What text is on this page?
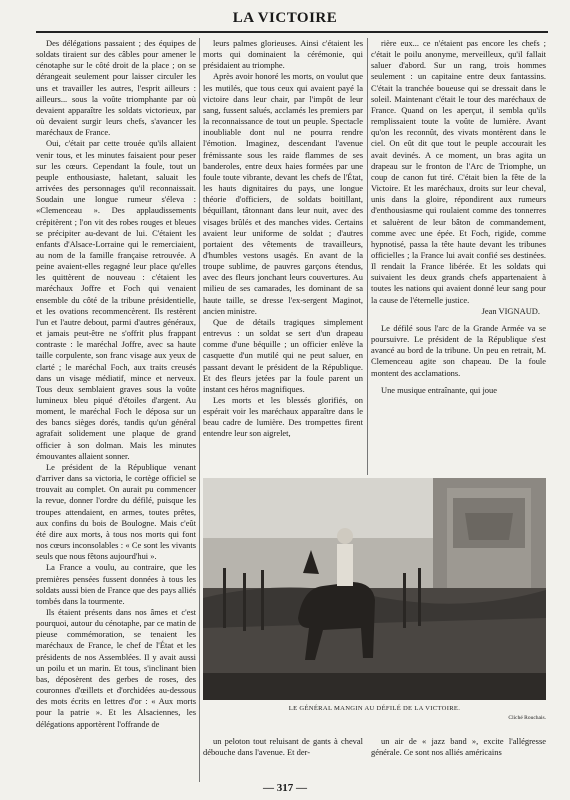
LA VICTOIRE

Des délégations passaient ; des équipes de soldats tiraient sur des câbles pour amener le cénotaphe sur le côté droit de la place ; on se dérangeait seulement pour laisser circuler les uns et travailler les autres, l'esprit ailleurs : ailleurs... sous la voûte triomphante par où devaient apparaître les soldats victorieux, par où devaient surgir leurs chefs, s'avancer les maréchaux de France.

Oui, c'était par cette trouée qu'ils allaient venir tous, et les minutes faisaient pour peser sur les cœurs. Cependant la foule, tout un peuple enthousiaste, haletant, saluait les arrivées des personnages qu'il reconnaissait. Soudain une longue rumeur s'éleva : «Clemenceau ». Des applaudissements crépitèrent ; l'on vit des robes rouges et bleues se précipiter au-devant de lui. C'étaient les enfants d'Alsace-Lorraine qui le remerciaient, au nom de la famille française retrouvée. A peine avaient-elles regagné leur place qu'elles les quittèrent de nouveau : c'étaient les maréchaux Joffre et Foch qui venaient ensemble du côté de la tribune présidentielle, et les ovations recommencèrent. Ils restèrent l'un et l'autre debout, parmi d'autres généraux, et jamais peut-être ne s'offrit plus frappant contraste : le maréchal Joffre, avec sa haute taille corpulente, son franc visage aux yeux de clarté ; le maréchal Foch, aux traits creusés dans un visage médiatif, mince et nerveux. Tous deux semblaient graves sous la voûte lumineux bleu piqué d'étoiles d'argent. Au moment, le maréchal Foch le déposa sur un des bancs sièges dorés, tandis qu'un général agrafait solidement une plaque de grand officier à son dolman. Mais les minutes émouvantes allaient sonner.

Le président de la République venant d'arriver dans sa victoria, le cortège officiel se trouvait au complet. On aurait pu commencer la revue, donner l'ordre du défilé, puisque les troupes attendaient, en armes, toutes prêtes, aux confins du bois de Boulogne. Mais c'eût été dire aux morts, à tous nos morts qui font nos cœurs inconsolables : « Ce sont les vivants seuls que nous fêtons aujourd'hui ».

La France a voulu, au contraire, que les premières pensées fussent données à tous les soldats aussi bien de France que des pays alliés tombés dans la tourmente.

Ils étaient présents dans nos âmes et c'est pourquoi, autour du cénotaphe, par ce matin de pieuse commémoration, se tenaient les maréchaux de France, le chef de l'État et les présidents de nos Assemblées. Il y avait aussi un poilu et un marin. Et tous, s'inclinant bien bas, déposèrent des gerbes de roses, des couronnes d'œillets et d'orchidées au-dessous des mots écrits en lettres d'or : « Aux morts pour la patrie ». Et les Alsaciennes, les délégations apportèrent l'offrande de

leurs palmes glorieuses. Ainsi c'étaient les morts qui dominaient la cérémonie, qui présidaient au triomphe.

Après avoir honoré les morts, on voulut que les mutilés, que tous ceux qui avaient payé la victoire dans leur chair, par l'impôt de leur sang, fussent salués, acclamés les premiers par la reconnaissance de tout un peuple. Spectacle inoubliable dont nul ne pourra rendre l'émotion. Imaginez, descendant l'avenue frémissante sous les raide flammes de ses banderoles, entre deux haies formées par une foule toute vibrante, devant les chefs de l'État, les hauts dignitaires du pays, une longue théorie d'officiers, de soldats boitillant, béquillant, tâtonnant dans leur nuit, avec des visages brûlés et des manches vides. Certains avaient leur uniforme de soldat ; d'autres portaient des vêtements de travailleurs, d'humbles vestons usagés. En avant de la troupe sublime, de pauvres garçons étendus, avec des fleurs jonchant leurs couvertures. Au milieu de ses camarades, les dominant de sa haute taille, se dresse l'ex-sergent Maginot, ancien ministre.

Que de détails tragiques simplement entrevus : un soldat se sert d'un drapeau comme d'une béquille ; un officier enlève la casquette d'un mutilé qui ne peut saluer, en passant devant le président de la République. Et des fleurs jetées par la foule parent un instant ces héros magnifiques.

Les morts et les blessés glorifiés, on espérait voir les maréchaux apparaître dans le beau cadre de lumière. Des trompettes firent entendre leur son aigrelet,

rière eux... ce n'étaient pas encore les chefs ; c'était le poilu anonyme, merveilleux, qu'il fallait saluer d'abord. Sur un rang, trois hommes seulement : un capitaine entre deux fantassins. C'était la tranchée boueuse qui se dressait dans le soleil. Maintenant c'était le tour des maréchaux de France. Quand on les aperçut, il sembla qu'ils remplissaient toute la voûte de lumière. Avant qu'on les reconnût, des vivats montèrent dans le ciel. On eût dit que tout le peuple accourait les avait devinés. A ce moment, un bras agita un drapeau sur le fronton de l'Arc de Triomphe, un coup de canon fut tiré. C'était bien la fête de la Victoire. Et les maréchaux, droits sur leur cheval, unis dans la gloire, répondirent aux rumeurs d'enthousiasme qui roulaient comme des tonnerres et saluèrent de leur bâton de commandement, comme avec une épée. Et Foch, rigide, comme hypnotisé, passa la tête haute devant les tribunes officielles ; la France lui avait confié ses destinées. Il rendait la France libérée. Et les soldats qui suivaient les deux grands chefs appartenaient à toutes les nations qui avaient donné leur sang pour la cause de l'éternelle justice.

Jean VIGNAUD.

Le défilé sous l'arc de la Grande Armée va se poursuivre. Le président de la République s'est avancé au bord de la tribune. Un peu en retrait, M. Clemenceau agite son chapeau. De la foule montent des acclamations.

Une musique entraînante, qui joue

LE GÉNÉRAL MANGIN AU DÉFILÉ DE LA VICTOIRE.
Cliché Rouchais.

un peloton tout reluisant de gants à cheval débouche dans l'avenue. Et der-

un air de « jazz band », excite l'allégresse générale. Ce sont nos alliés américains

— 317 —
